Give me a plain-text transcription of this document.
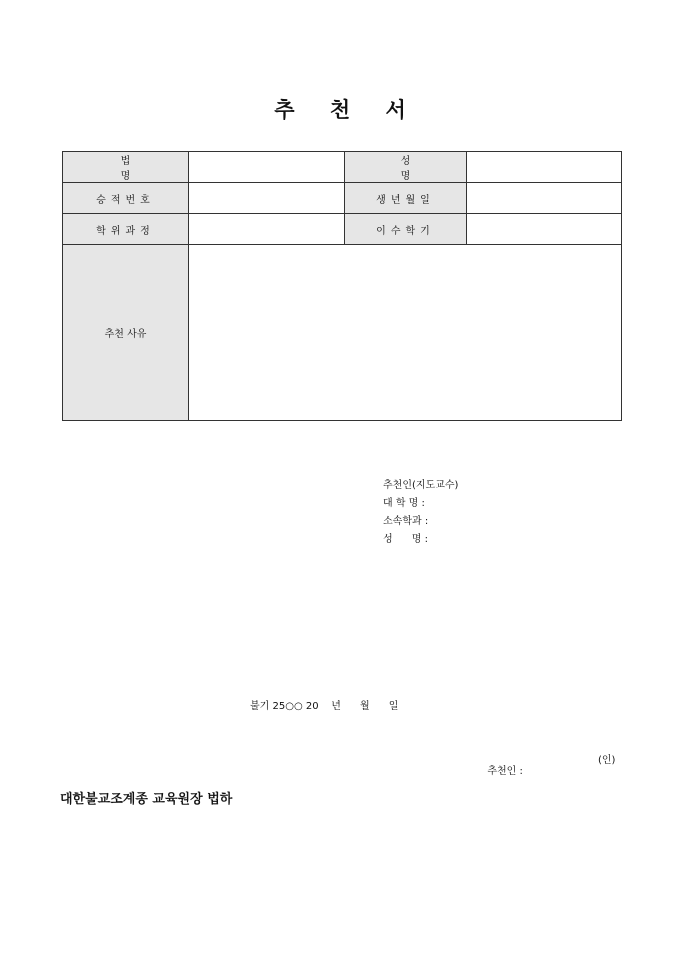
추 천 서
법 명		성 명	
승적번호		생년월일	
학위과정		이수학기	
추천 사유			
추천인(지도교수)
대 학 명 :
소속학과 :
성      명 :
불기 25○○ 20    년      월      일

추천인 :

(인)

대한불교조계종 교육원장 법하
